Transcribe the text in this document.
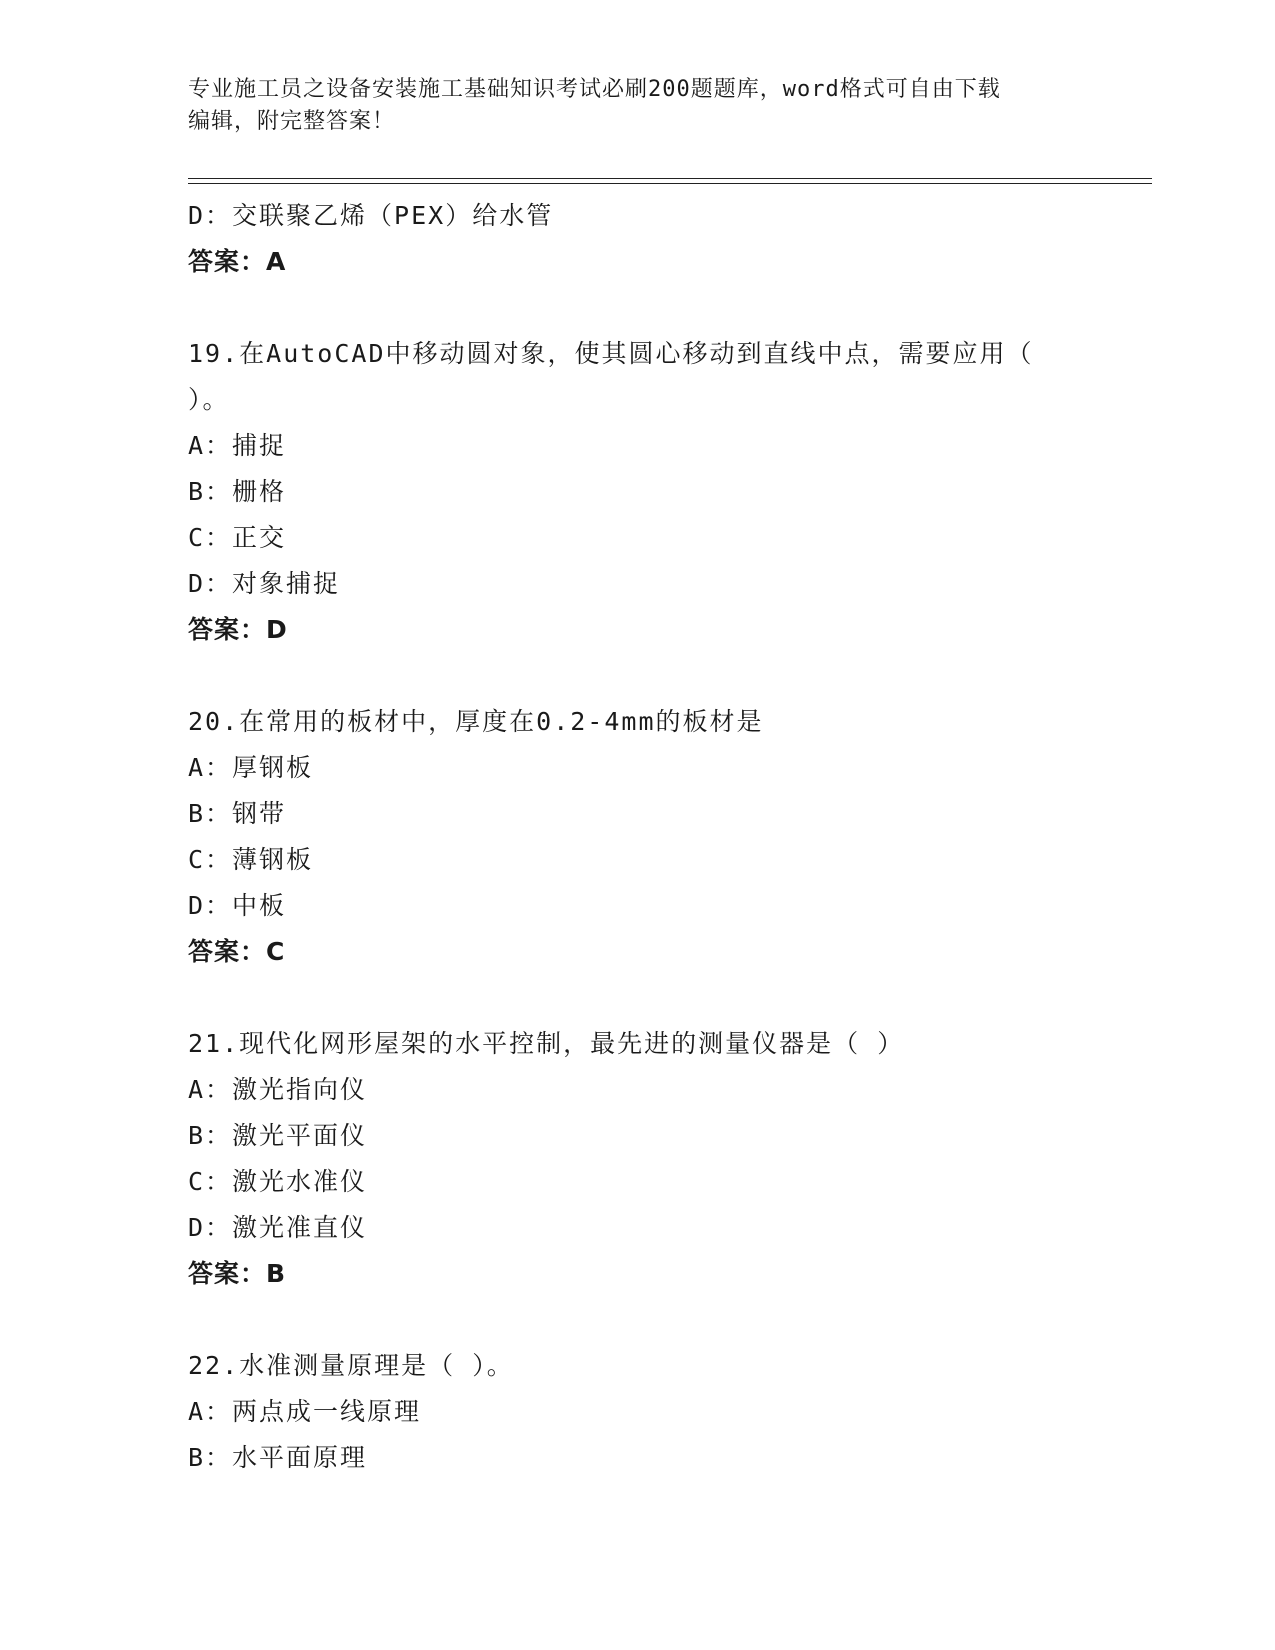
专业施工员之设备安装施工基础知识考试必刷200题题库，word格式可自由下载
编辑，附完整答案！
D：交联聚乙烯（PEX）给水管
答案：A
19.在AutoCAD中移动圆对象，使其圆心移动到直线中点，需要应用（
）。
A：捕捉
B：栅格
C：正交
D：对象捕捉
答案：D
20.在常用的板材中，厚度在0.2-4mm的板材是
A：厚钢板
B：钢带
C：薄钢板
D：中板
答案：C
21.现代化网形屋架的水平控制，最先进的测量仪器是（ ）
A：激光指向仪
B：激光平面仪
C：激光水准仪
D：激光准直仪
答案：B
22.水准测量原理是（ ）。
A：两点成一线原理
B：水平面原理
